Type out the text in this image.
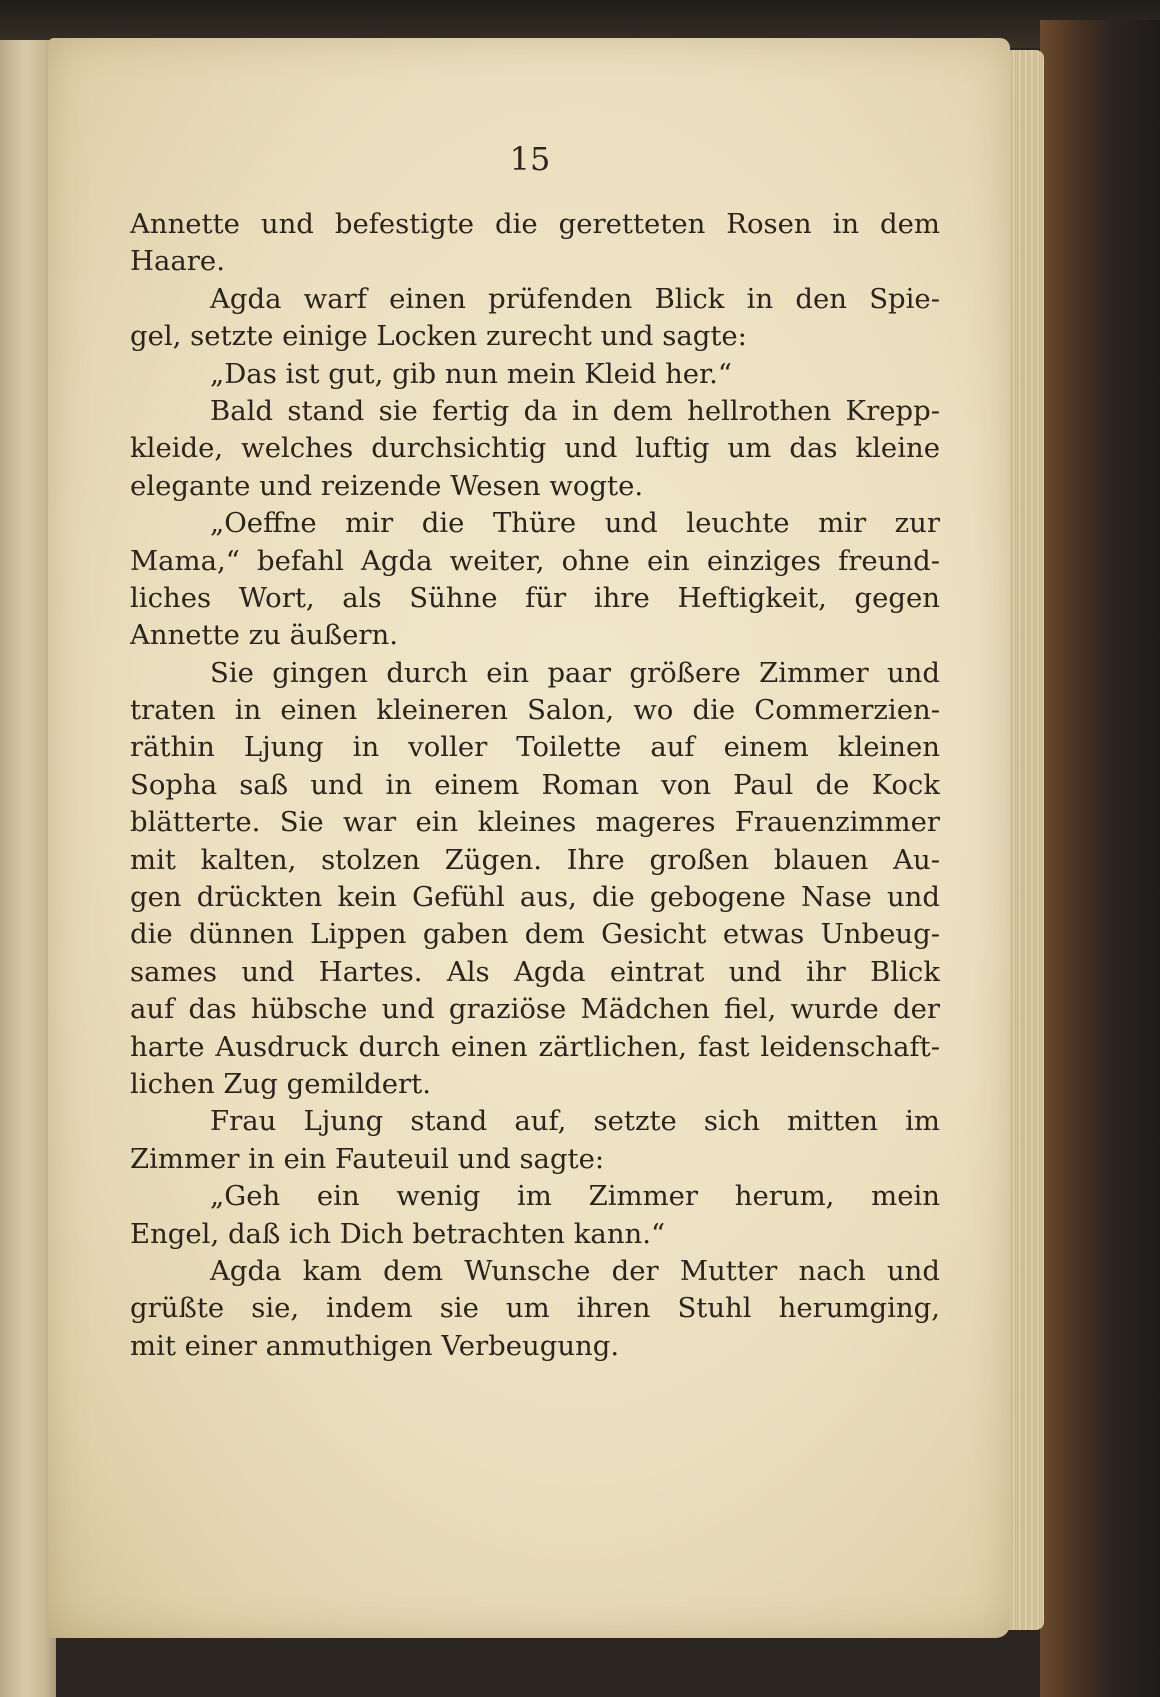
15
Annette und befestigte die geretteten Rosen in dem
Haare.
Agda warf einen prüfenden Blick in den Spie-
gel, setzte einige Locken zurecht und sagte:
„Das ist gut, gib nun mein Kleid her.“
Bald stand sie fertig da in dem hellrothen Krepp-
kleide, welches durchsichtig und luftig um das kleine
elegante und reizende Wesen wogte.
„Oeffne mir die Thüre und leuchte mir zur
Mama,“ befahl Agda weiter, ohne ein einziges freund-
liches Wort, als Sühne für ihre Heftigkeit, gegen
Annette zu äußern.
Sie gingen durch ein paar größere Zimmer und
traten in einen kleineren Salon, wo die Commerzien-
räthin Ljung in voller Toilette auf einem kleinen
Sopha saß und in einem Roman von Paul de Kock
blätterte. Sie war ein kleines mageres Frauenzimmer
mit kalten, stolzen Zügen. Ihre großen blauen Au-
gen drückten kein Gefühl aus, die gebogene Nase und
die dünnen Lippen gaben dem Gesicht etwas Unbeug-
sames und Hartes. Als Agda eintrat und ihr Blick
auf das hübsche und graziöse Mädchen fiel, wurde der
harte Ausdruck durch einen zärtlichen, fast leidenschaft-
lichen Zug gemildert.
Frau Ljung stand auf, setzte sich mitten im
Zimmer in ein Fauteuil und sagte:
„Geh ein wenig im Zimmer herum, mein
Engel, daß ich Dich betrachten kann.“
Agda kam dem Wunsche der Mutter nach und
grüßte sie, indem sie um ihren Stuhl herumging,
mit einer anmuthigen Verbeugung.
